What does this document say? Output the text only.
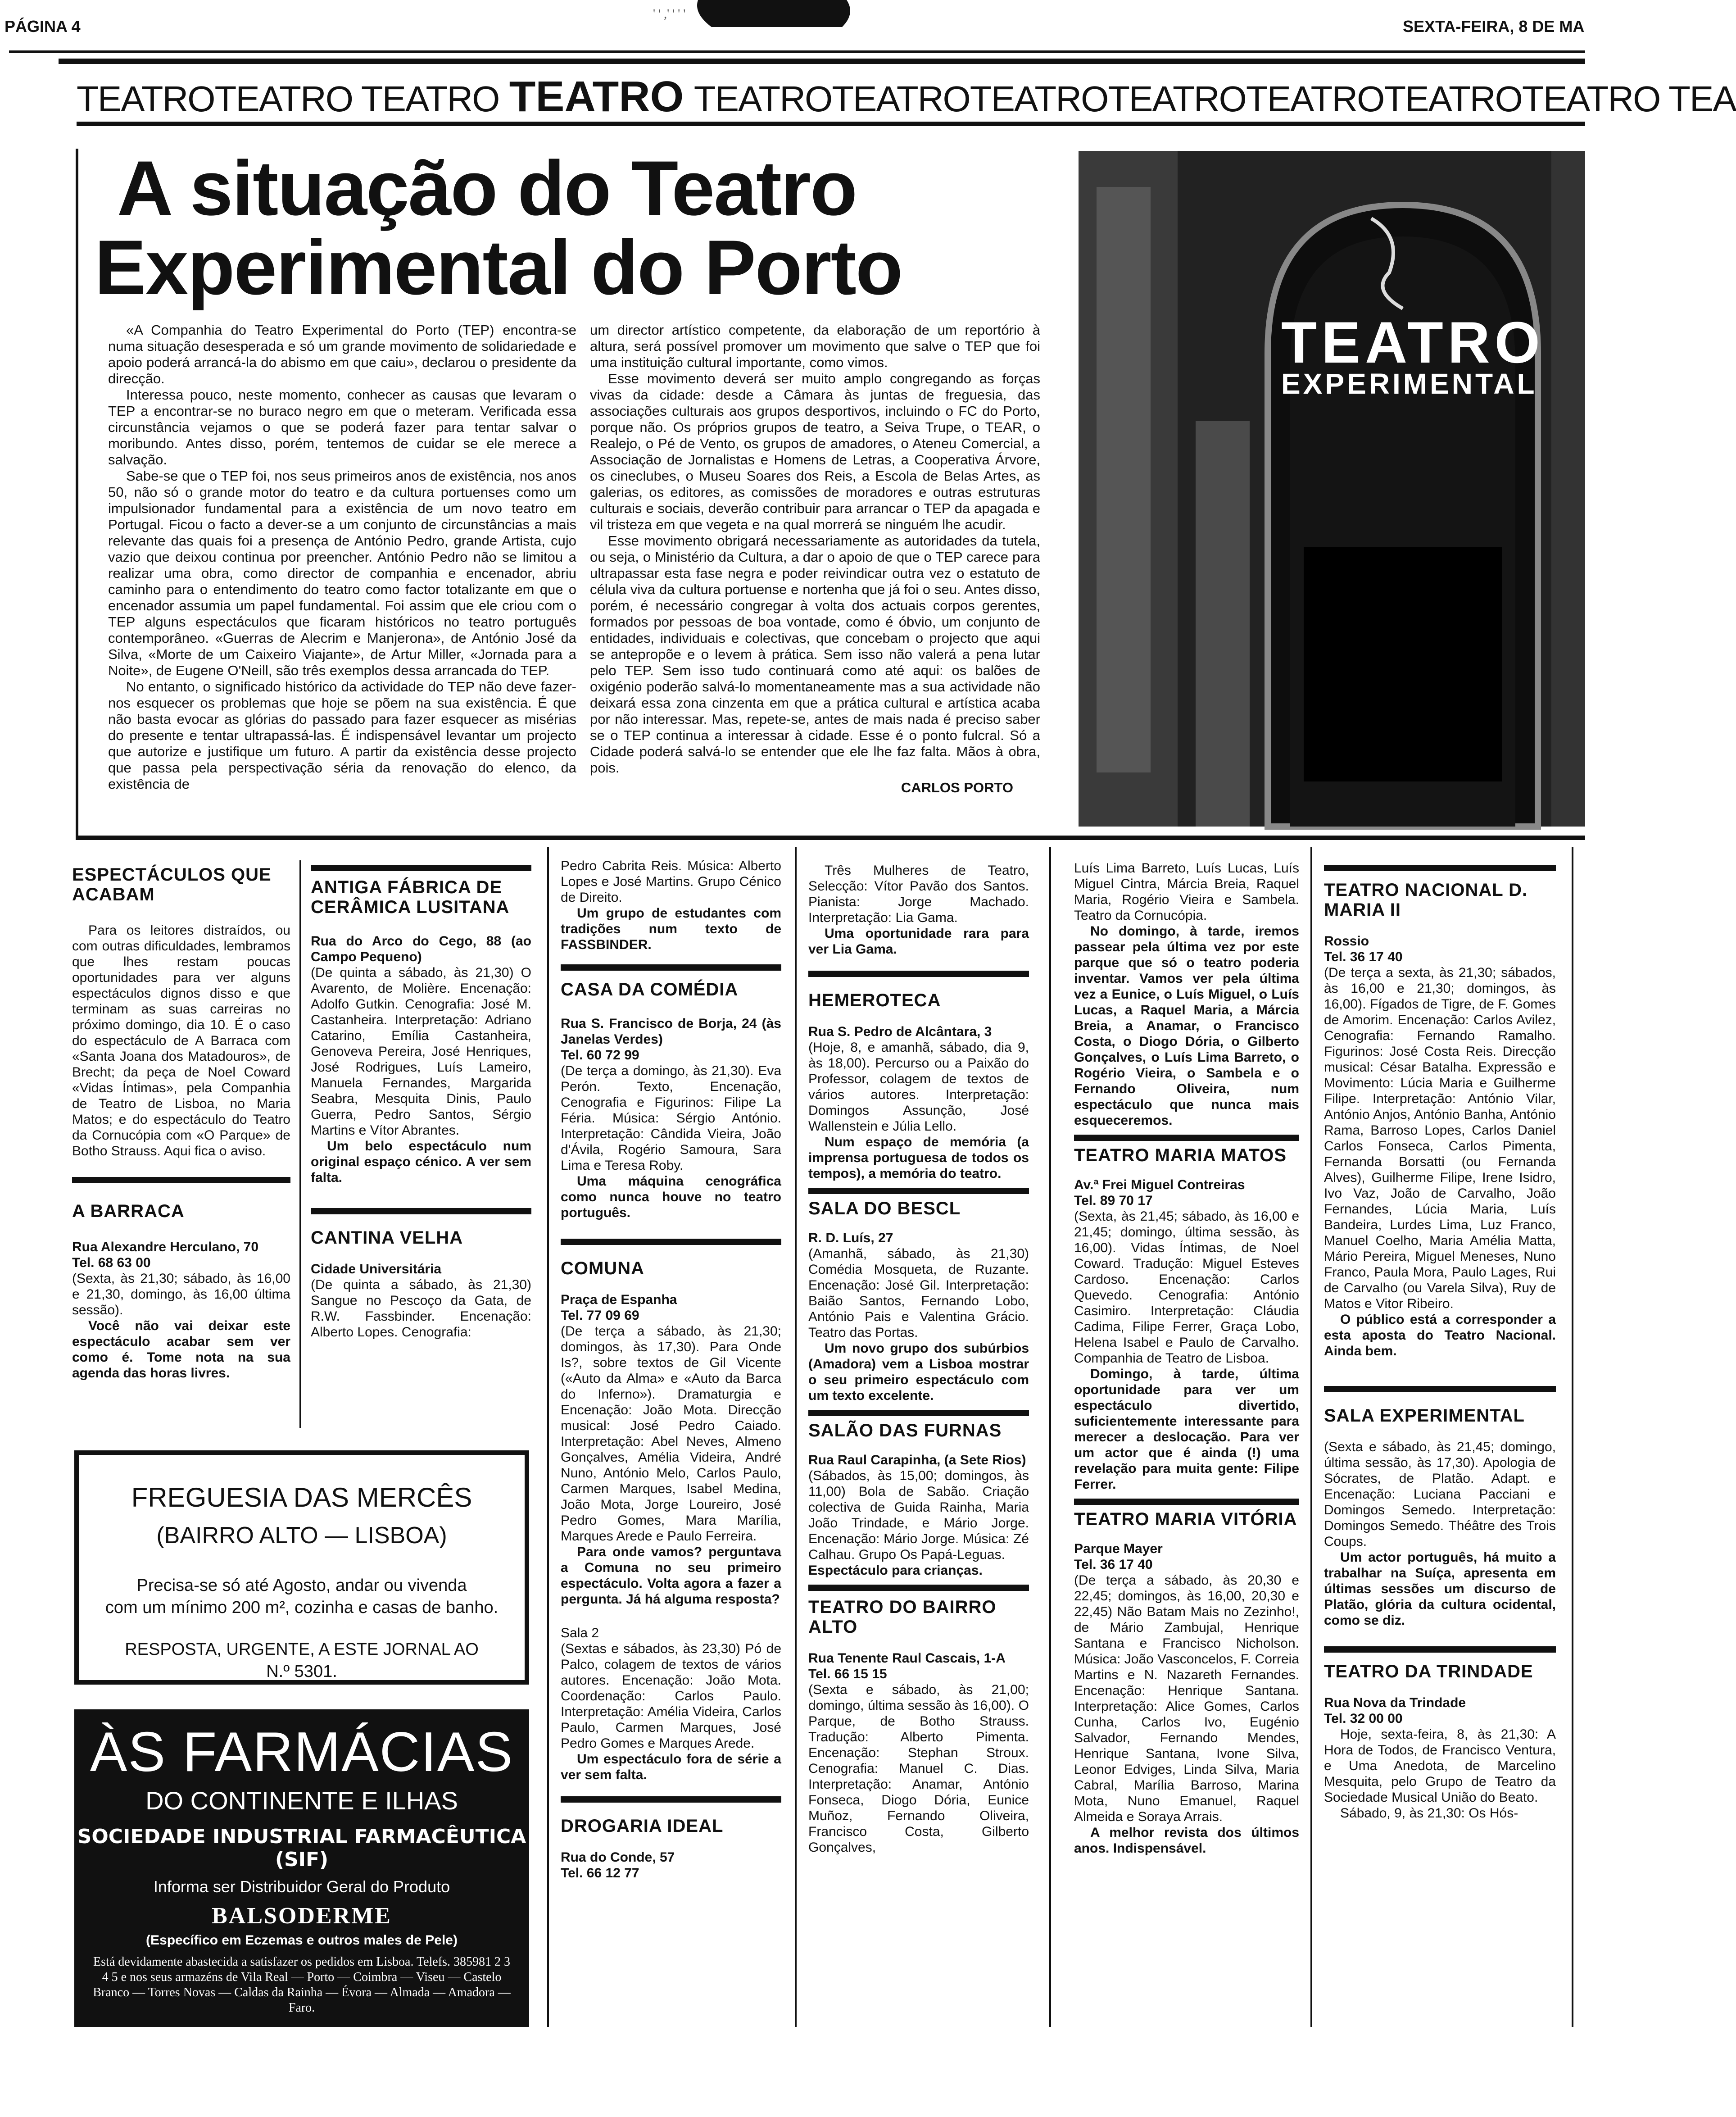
PÁGINA 4
' ' ,' ' ' '
SEXTA-FEIRA, 8 DE MA
TEATROTEATRO TEATRO TEATRO TEATROTEATROTEATROTEATROTEATROTEATROTEATRO TEA
A situação do Teatro
Experimental do Porto

«A Companhia do Teatro Experimental do Porto (TEP) encontra-se numa situação desesperada e só um grande movimento de solidariedade e apoio poderá arrancá-la do abismo em que caiu», declarou o presidente da direcção.

Interessa pouco, neste momento, conhecer as causas que levaram o TEP a encontrar-se no buraco negro em que o meteram. Verificada essa circunstância vejamos o que se poderá fazer para tentar salvar o moribundo. Antes disso, porém, tentemos de cuidar se ele merece a salvação.

Sabe-se que o TEP foi, nos seus primeiros anos de existência, nos anos 50, não só o grande motor do teatro e da cultura portuenses como um impulsionador fundamental para a existência de um novo teatro em Portugal. Ficou o facto a dever-se a um conjunto de circunstâncias a mais relevante das quais foi a presença de António Pedro, grande Artista, cujo vazio que deixou continua por preencher. António Pedro não se limitou a realizar uma obra, como director de companhia e encenador, abriu caminho para o entendimento do teatro como factor totalizante em que o encenador assumia um papel fundamental. Foi assim que ele criou com o TEP alguns espectáculos que ficaram históricos no teatro português contemporâneo. «Guerras de Alecrim e Manjerona», de António José da Silva, «Morte de um Caixeiro Viajante», de Artur Miller, «Jornada para a Noite», de Eugene O'Neill, são três exemplos dessa arrancada do TEP.

No entanto, o significado histórico da actividade do TEP não deve fazer-nos esquecer os problemas que hoje se põem na sua existência. É que não basta evocar as glórias do passado para fazer esquecer as misérias do presente e tentar ultrapassá-las. É indispensável levantar um projecto que autorize e justifique um futuro. A partir da existência desse projecto que passa pela perspectivação séria da renovação do elenco, da existência de

um director artístico competente, da elaboração de um reportório à altura, será possível promover um movimento que salve o TEP que foi uma instituição cultural importante, como vimos.

Esse movimento deverá ser muito amplo congregando as forças vivas da cidade: desde a Câmara às juntas de freguesia, das associações culturais aos grupos desportivos, incluindo o FC do Porto, porque não. Os próprios grupos de teatro, a Seiva Trupe, o TEAR, o Realejo, o Pé de Vento, os grupos de amadores, o Ateneu Comercial, a Associação de Jornalistas e Homens de Letras, a Cooperativa Árvore, os cineclubes, o Museu Soares dos Reis, a Escola de Belas Artes, as galerias, os editores, as comissões de moradores e outras estruturas culturais e sociais, deverão contribuir para arrancar o TEP da apagada e vil tristeza em que vegeta e na qual morrerá se ninguém lhe acudir.

Esse movimento obrigará necessariamente as autoridades da tutela, ou seja, o Ministério da Cultura, a dar o apoio de que o TEP carece para ultrapassar esta fase negra e poder reivindicar outra vez o estatuto de célula viva da cultura portuense e nortenha que já foi o seu. Antes disso, porém, é necessário congregar à volta dos actuais corpos gerentes, formados por pessoas de boa vontade, como é óbvio, um conjunto de entidades, individuais e colectivas, que concebam o projecto que aqui se antepropõe e o levem à prática. Sem isso não valerá a pena lutar pelo TEP. Sem isso tudo continuará como até aqui: os balões de oxigénio poderão salvá-lo momentaneamente mas a sua actividade não deixará essa zona cinzenta em que a prática cultural e artística acaba por não interessar. Mas, repete-se, antes de mais nada é preciso saber se o TEP continua a interessar à cidade. Esse é o ponto fulcral. Só a Cidade poderá salvá-lo se entender que ele lhe faz falta. Mãos à obra, pois.

CARLOS PORTO
TEATRO
EXPERIMENTAL
ESPECTÁCULOS QUE ACABAM

Para os leitores distraídos, ou com outras dificuldades, lembramos que lhes restam poucas oportunidades para ver alguns espectáculos dignos disso e que terminam as suas carreiras no próximo domingo, dia 10. É o caso do espectáculo de A Barraca com «Santa Joana dos Matadouros», de Brecht; da peça de Noel Coward «Vidas Íntimas», pela Companhia de Teatro de Lisboa, no Maria Matos; e do espectáculo do Teatro da Cornucópia com «O Parque» de Botho Strauss. Aqui fica o aviso.

A BARRACA

Rua Alexandre Herculano, 70

Tel. 68 63 00

(Sexta, às 21,30; sábado, às 16,00 e 21,30, domingo, às 16,00 última sessão).

Você não vai deixar este espectáculo acabar sem ver como é. Tome nota na sua agenda das horas livres.

FREGUESIA DAS MERCÊS
(BAIRRO ALTO — LISBOA)
Precisa-se só até Agosto, andar ou vivenda
com um mínimo 200 m², cozinha e casas de banho.
RESPOSTA, URGENTE, A ESTE JORNAL AO
N.º 5301.
ÀS FARMÁCIAS
DO CONTINENTE E ILHAS
SOCIEDADE INDUSTRIAL FARMACÊUTICA (SIF)
Informa ser Distribuidor Geral do Produto
BALSODERME
(Específico em Eczemas e outros males de Pele)
Está devidamente abastecida a satisfazer os pedidos em Lisboa. Telefs. 385981 2 3 4 5 e nos seus armazéns de Vila Real — Porto — Coimbra — Viseu — Castelo Branco — Torres Novas — Caldas da Rainha — Évora — Almada — Amadora — Faro.
ANTIGA FÁBRICA DE CERÂMICA LUSITANA

Rua do Arco do Cego, 88 (ao Campo Pequeno)

(De quinta a sábado, às 21,30) O Avarento, de Molière. Encenação: Adolfo Gutkin. Cenografia: José M. Castanheira. Interpretação: Adriano Catarino, Emília Castanheira, Genoveva Pereira, José Henriques, José Rodrigues, Luís Lameiro, Manuela Fernandes, Margarida Seabra, Mesquita Dinis, Paulo Guerra, Pedro Santos, Sérgio Martins e Vítor Abrantes.

Um belo espectáculo num original espaço cénico. A ver sem falta.

CANTINA VELHA

Cidade Universitária

(De quinta a sábado, às 21,30) Sangue no Pescoço da Gata, de R.W. Fassbinder. Encenação: Alberto Lopes. Cenografia:

Pedro Cabrita Reis. Música: Alberto Lopes e José Martins. Grupo Cénico de Direito.

Um grupo de estudantes com tradições num texto de FASSBINDER.

CASA DA COMÉDIA

Rua S. Francisco de Borja, 24 (às Janelas Verdes)

Tel. 60 72 99

(De terça a domingo, às 21,30). Eva Perón. Texto, Encenação, Cenografia e Figurinos: Filipe La Féria. Música: Sérgio António. Interpretação: Cândida Vieira, João d'Ávila, Rogério Samoura, Sara Lima e Teresa Roby.

Uma máquina cenográfica como nunca houve no teatro português.

COMUNA

Praça de Espanha

Tel. 77 09 69

(De terça a sábado, às 21,30; domingos, às 17,30). Para Onde Is?, sobre textos de Gil Vicente («Auto da Alma» e «Auto da Barca do Inferno»). Dramaturgia e Encenação: João Mota. Direcção musical: José Pedro Caiado. Interpretação: Abel Neves, Almeno Gonçalves, Amélia Videira, André Nuno, António Melo, Carlos Paulo, Carmen Marques, Isabel Medina, João Mota, Jorge Loureiro, José Pedro Gomes, Mara Marília, Marques Arede e Paulo Ferreira.

Para onde vamos? perguntava a Comuna no seu primeiro espectáculo. Volta agora a fazer a pergunta. Já há alguma resposta?

Sala 2

(Sextas e sábados, às 23,30) Pó de Palco, colagem de textos de vários autores. Encenação: João Mota. Coordenação: Carlos Paulo. Interpretação: Amélia Videira, Carlos Paulo, Carmen Marques, José Pedro Gomes e Marques Arede.

Um espectáculo fora de série a ver sem falta.

DROGARIA IDEAL

Rua do Conde, 57

Tel. 66 12 77

Três Mulheres de Teatro, Selecção: Vítor Pavão dos Santos. Pianista: Jorge Machado. Interpretação: Lia Gama.

Uma oportunidade rara para ver Lia Gama.

HEMEROTECA

Rua S. Pedro de Alcântara, 3

(Hoje, 8, e amanhã, sábado, dia 9, às 18,00). Percurso ou a Paixão do Professor, colagem de textos de vários autores. Interpretação: Domingos Assunção, José Wallenstein e Júlia Lello.

Num espaço de memória (a imprensa portuguesa de todos os tempos), a memória do teatro.

SALA DO BESCL

R. D. Luís, 27

(Amanhã, sábado, às 21,30) Comédia Mosqueta, de Ruzante. Encenação: José Gil. Interpretação: Baião Santos, Fernando Lobo, António Pais e Valentina Grácio. Teatro das Portas.

Um novo grupo dos subúrbios (Amadora) vem a Lisboa mostrar o seu primeiro espectáculo com um texto excelente.

SALÃO DAS FURNAS

Rua Raul Carapinha, (a Sete Rios)

(Sábados, às 15,00; domingos, às 11,00) Bola de Sabão. Criação colectiva de Guida Rainha, Maria João Trindade, e Mário Jorge. Encenação: Mário Jorge. Música: Zé Calhau. Grupo Os Papá-Leguas.

Espectáculo para crianças.

TEATRO DO BAIRRO ALTO

Rua Tenente Raul Cascais, 1-A

Tel. 66 15 15

(Sexta e sábado, às 21,00; domingo, última sessão às 16,00). O Parque, de Botho Strauss. Tradução: Alberto Pimenta. Encenação: Stephan Stroux. Cenografia: Manuel C. Dias. Interpretação: Anamar, António Fonseca, Diogo Dória, Eunice Muñoz, Fernando Oliveira, Francisco Costa, Gilberto Gonçalves,

Luís Lima Barreto, Luís Lucas, Luís Miguel Cintra, Márcia Breia, Raquel Maria, Rogério Vieira e Sambela. Teatro da Cornucópia.

No domingo, à tarde, iremos passear pela última vez por este parque que só o teatro poderia inventar. Vamos ver pela última vez a Eunice, o Luís Miguel, o Luís Lucas, a Raquel Maria, a Márcia Breia, a Anamar, o Francisco Costa, o Diogo Dória, o Gilberto Gonçalves, o Luís Lima Barreto, o Rogério Vieira, o Sambela e o Fernando Oliveira, num espectáculo que nunca mais esqueceremos.

TEATRO MARIA MATOS

Av.ª Frei Miguel Contreiras

Tel. 89 70 17

(Sexta, às 21,45; sábado, às 16,00 e 21,45; domingo, última sessão, às 16,00). Vidas Íntimas, de Noel Coward. Tradução: Miguel Esteves Cardoso. Encenação: Carlos Quevedo. Cenografia: António Casimiro. Interpretação: Cláudia Cadima, Filipe Ferrer, Graça Lobo, Helena Isabel e Paulo de Carvalho. Companhia de Teatro de Lisboa.

Domingo, à tarde, última oportunidade para ver um espectáculo divertido, suficientemente interessante para merecer a deslocação. Para ver um actor que é ainda (!) uma revelação para muita gente: Filipe Ferrer.

TEATRO MARIA VITÓRIA

Parque Mayer

Tel. 36 17 40

(De terça a sábado, às 20,30 e 22,45; domingos, às 16,00, 20,30 e 22,45) Não Batam Mais no Zezinho!, de Mário Zambujal, Henrique Santana e Francisco Nicholson. Música: João Vasconcelos, F. Correia Martins e N. Nazareth Fernandes. Encenação: Henrique Santana. Interpretação: Alice Gomes, Carlos Cunha, Carlos Ivo, Eugénio Salvador, Fernando Mendes, Henrique Santana, Ivone Silva, Leonor Edviges, Linda Silva, Maria Cabral, Marília Barroso, Marina Mota, Nuno Emanuel, Raquel Almeida e Soraya Arrais.

A melhor revista dos últimos anos. Indispensável.

TEATRO NACIONAL D. MARIA II

Rossio

Tel. 36 17 40

(De terça a sexta, às 21,30; sábados, às 16,00 e 21,30; domingos, às 16,00). Fígados de Tigre, de F. Gomes de Amorim. Encenação: Carlos Avilez, Cenografia: Fernando Ramalho. Figurinos: José Costa Reis. Direcção musical: César Batalha. Expressão e Movimento: Lúcia Maria e Guilherme Filipe. Interpretação: António Vilar, António Anjos, António Banha, António Rama, Barroso Lopes, Carlos Daniel Carlos Fonseca, Carlos Pimenta, Fernanda Borsatti (ou Fernanda Alves), Guilherme Filipe, Irene Isidro, Ivo Vaz, João de Carvalho, João Fernandes, Lúcia Maria, Luís Bandeira, Lurdes Lima, Luz Franco, Manuel Coelho, Maria Amélia Matta, Mário Pereira, Miguel Meneses, Nuno Franco, Paula Mora, Paulo Lages, Rui de Carvalho (ou Varela Silva), Ruy de Matos e Vitor Ribeiro.

O público está a corresponder a esta aposta do Teatro Nacional. Ainda bem.

SALA EXPERIMENTAL

(Sexta e sábado, às 21,45; domingo, última sessão, às 17,30). Apologia de Sócrates, de Platão. Adapt. e Encenação: Luciana Pacciani e Domingos Semedo. Interpretação: Domingos Semedo. Théâtre des Trois Coups.

Um actor português, há muito a trabalhar na Suíça, apresenta em últimas sessões um discurso de Platão, glória da cultura ocidental, como se diz.

TEATRO DA TRINDADE

Rua Nova da Trindade

Tel. 32 00 00

Hoje, sexta-feira, 8, às 21,30: A Hora de Todos, de Francisco Ventura, e Uma Anedota, de Marcelino Mesquita, pelo Grupo de Teatro da Sociedade Musical União do Beato.

Sábado, 9, às 21,30: Os Hós-
